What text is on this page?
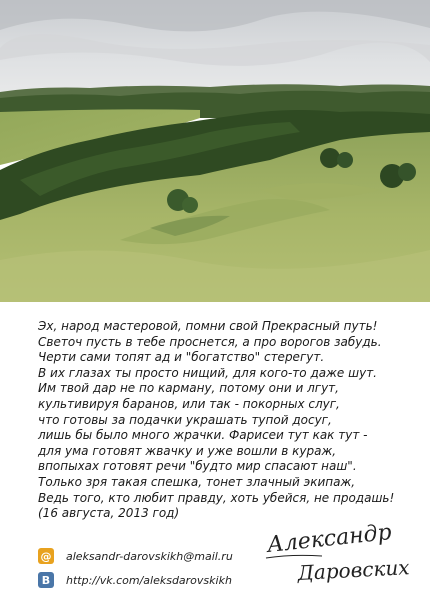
Эх, народ мастеровой, помни свой Прекрасный путь!
Светоч пусть в тебе проснется, а про ворогов забудь.
Черти сами топят ад и "богатство" стерегут.
В их глазах ты просто нищий, для кого-то даже шут.
Им твой дар не по карману, потому они и лгут,
культивируя баранов, или так - покорных слуг,
что готовы за подачки украшать тупой досуг,
лишь бы было много жрачки. Фарисеи тут как тут -
для ума готовят жвачку и уже вошли в кураж,
впопыхах готовят речи "будто мир спасают наш".
Только зря такая спешка, тонет злачный экипаж,
Ведь того, кто любит правду, хоть убейся, не продашь!
(16 августа, 2013 год)
@ aleksandr-darovskikh@mail.ru
B	http://vk.com/aleksdarovskikh
Александр
Даровских
